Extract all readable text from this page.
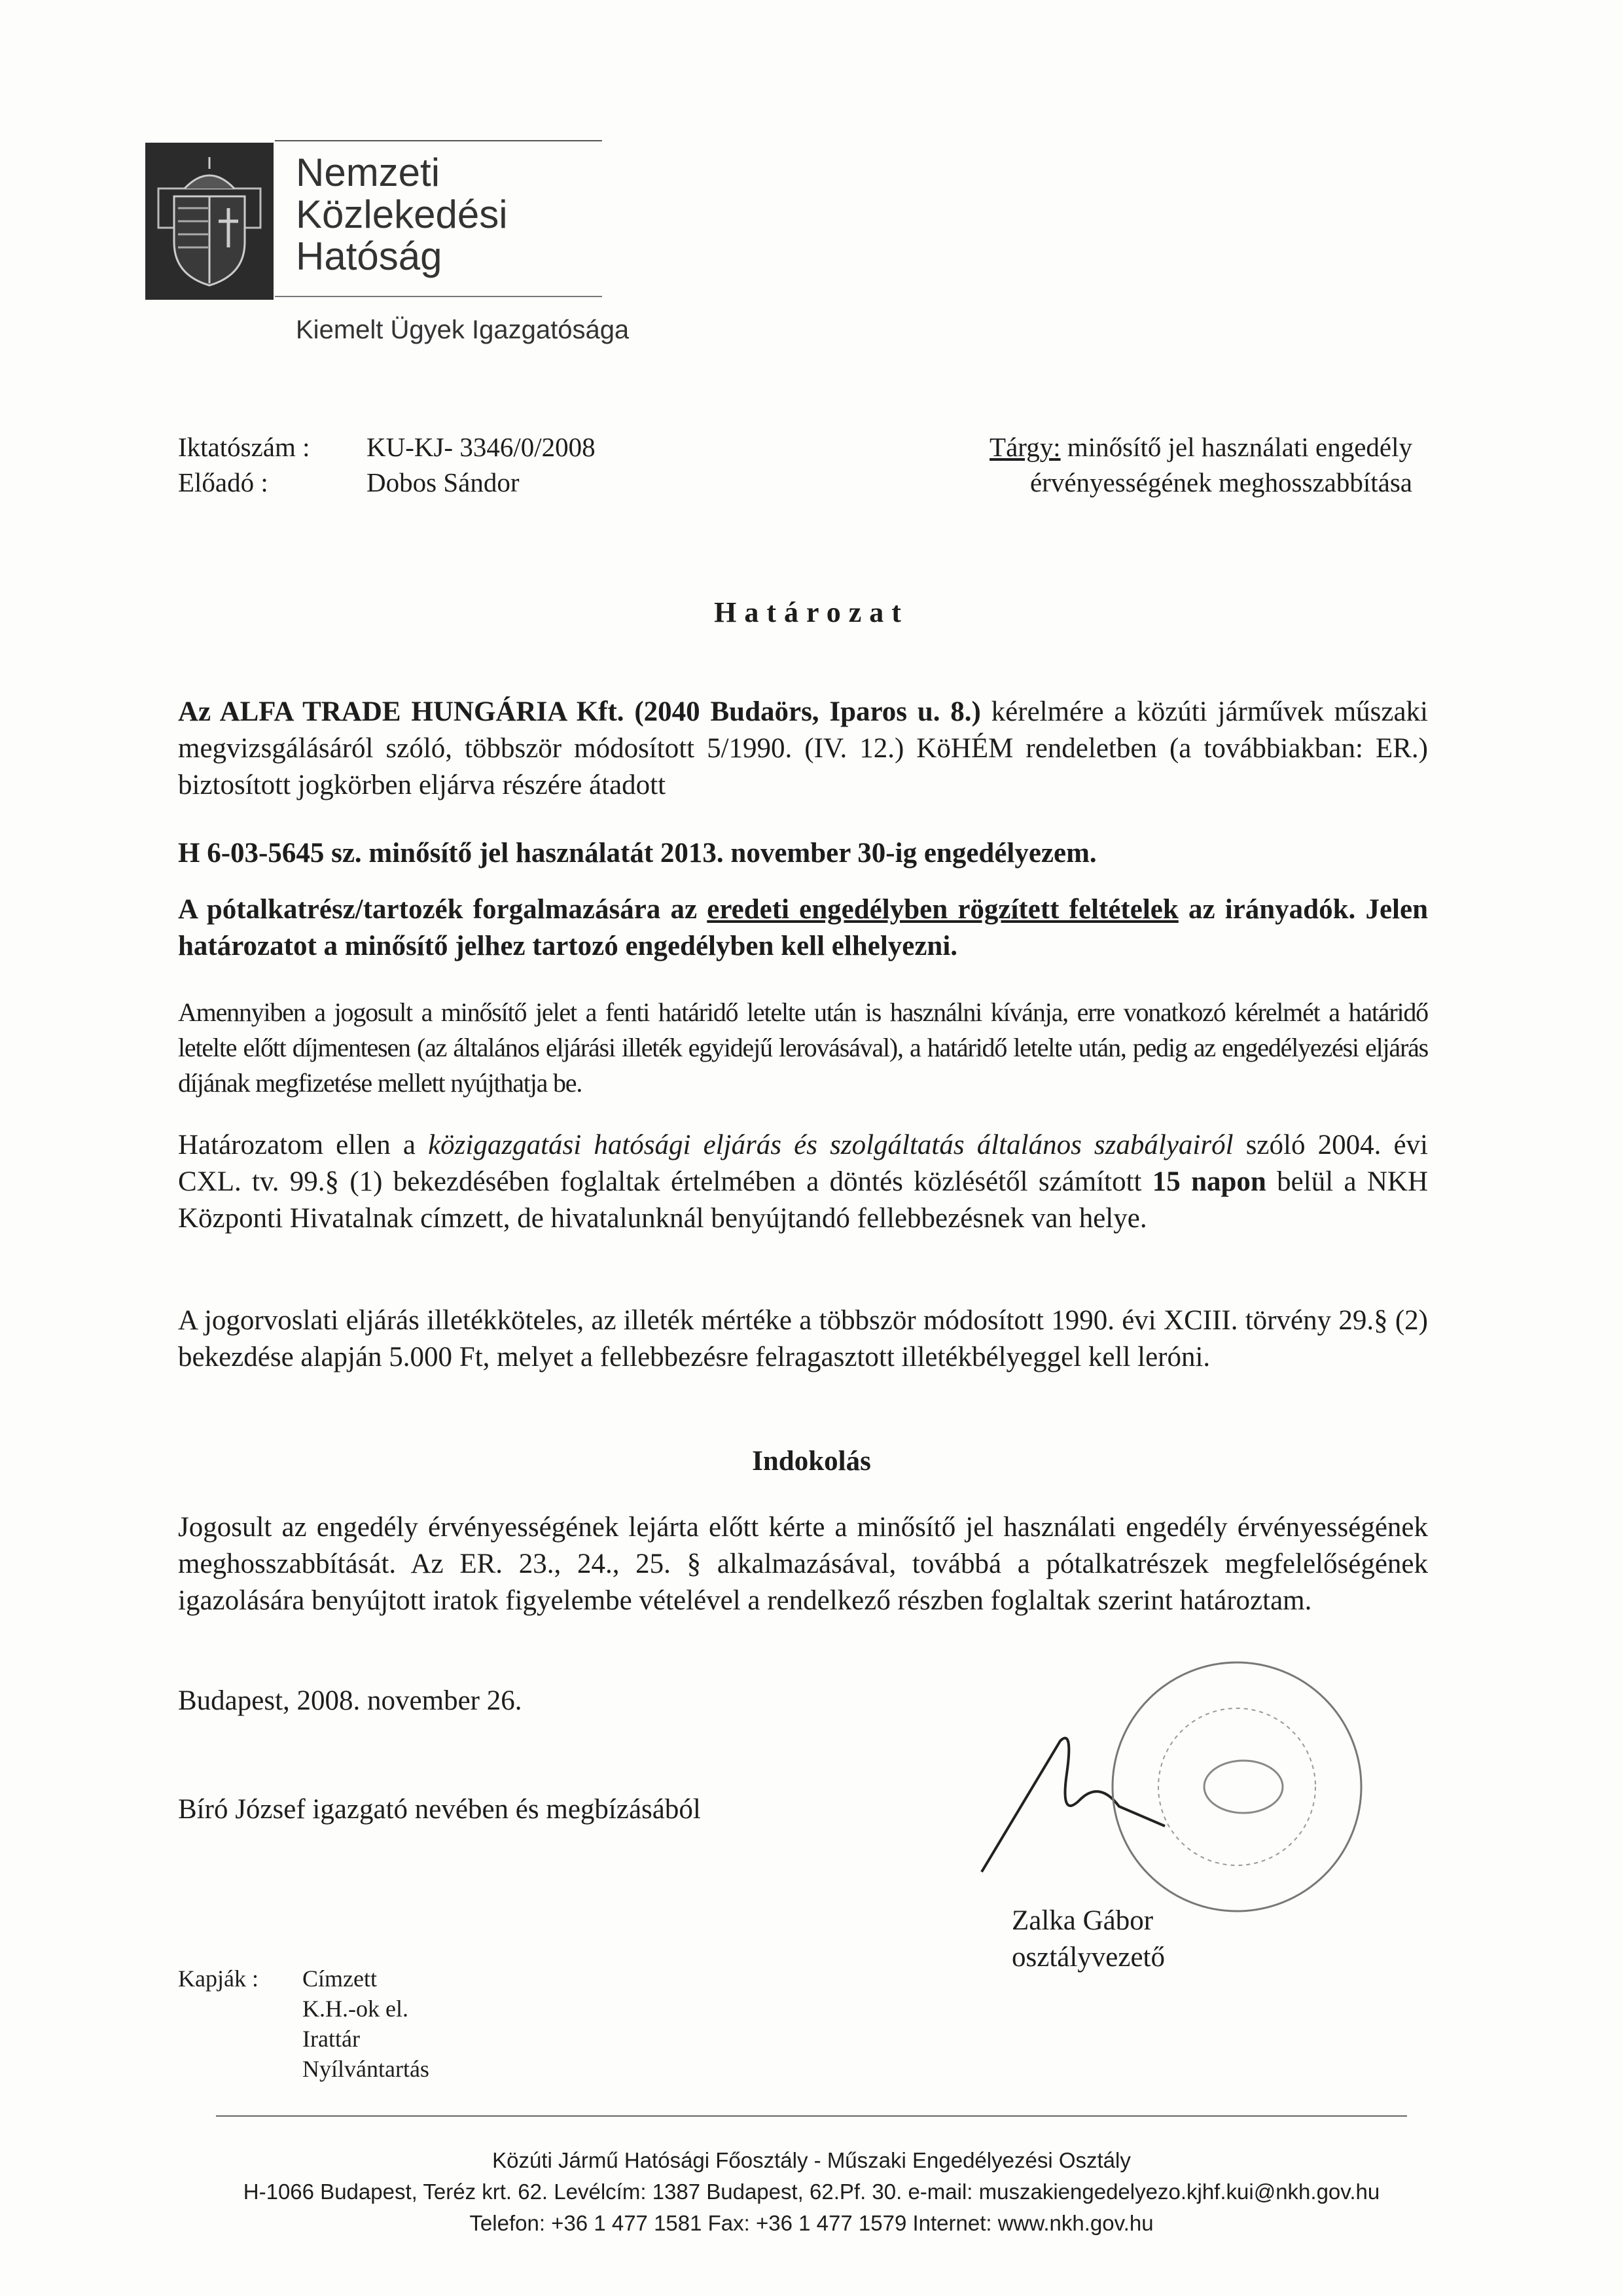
Nemzeti
Közlekedési
Hatóság
Kiemelt Ügyek Igazgatósága
Iktatószám :
Előadó :
KU-KJ- 3346/0/2008
Dobos Sándor
Tárgy: minősítő jel használati engedély
érvényességének meghosszabbítása
Határozat
Az ALFA TRADE HUNGÁRIA Kft. (2040 Budaörs, Iparos u. 8.) kérelmére a közúti járművek műszaki megvizsgálásáról szóló, többször módosított 5/1990. (IV. 12.) KöHÉM rendeletben (a továbbiakban: ER.) biztosított jogkörben eljárva részére átadott
H 6-03-5645 sz. minősítő jel használatát 2013. november 30-ig engedélyezem.
A pótalkatrész/tartozék forgalmazására az eredeti engedélyben rögzített feltételek az irányadók. Jelen határozatot a minősítő jelhez tartozó engedélyben kell elhelyezni.
Amennyiben a jogosult a minősítő jelet a fenti határidő letelte után is használni kívánja, erre vonatkozó kérelmét a határidő letelte előtt díjmentesen (az általános eljárási illeték egyidejű lerovásával), a határidő letelte után, pedig az engedélyezési eljárás díjának megfizetése mellett nyújthatja be.
Határozatom ellen a közigazgatási hatósági eljárás és szolgáltatás általános szabályairól szóló 2004. évi CXL. tv. 99.§ (1) bekezdésében foglaltak értelmében a döntés közlésétől számított 15 napon belül a NKH Központi Hivatalnak címzett, de hivatalunknál benyújtandó fellebbezésnek van helye.
A jogorvoslati eljárás illetékköteles, az illeték mértéke a többször módosított 1990. évi XCIII. törvény 29.§ (2) bekezdése alapján 5.000 Ft, melyet a fellebbezésre felragasztott illetékbélyeggel kell leróni.
Indokolás
Jogosult az engedély érvényességének lejárta előtt kérte a minősítő jel használati engedély érvényességének meghosszabbítását. Az ER. 23., 24., 25. § alkalmazásával, továbbá a pótalkatrészek megfelelőségének igazolására benyújtott iratok figyelembe vételével a rendelkező részben foglaltak szerint határoztam.
Budapest, 2008. november 26.
Bíró József igazgató nevében és megbízásából
Zalka Gábor
osztályvezető
Kapják : Címzett
K.H.-ok el.
Irattár
Nyílvántartás
Közúti Jármű Hatósági Főosztály - Műszaki Engedélyezési Osztály
H-1066 Budapest, Teréz krt. 62. Levélcím: 1387 Budapest, 62.Pf. 30. e-mail: muszakiengedelyezo.kjhf.kui@nkh.gov.hu
Telefon: +36 1 477 1581 Fax: +36 1 477 1579 Internet: www.nkh.gov.hu
